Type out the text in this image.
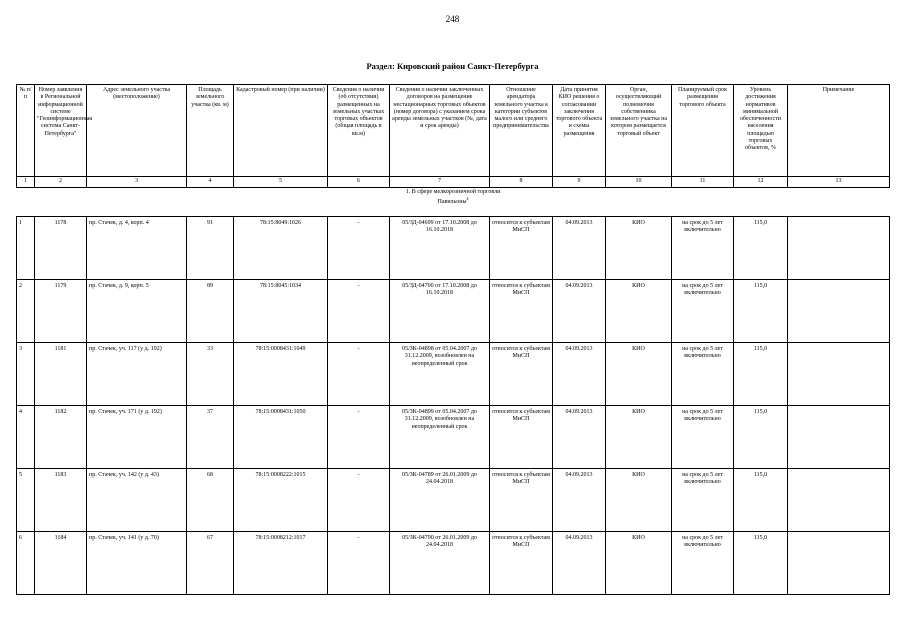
248
Раздел: Кировский район Санкт-Петербурга
№ п/п	Номер заявления в Региональной информационной системе "Геоинформационная система Санкт-Петербурга"	Адрес земельного участка (местоположение)	Площадь земельного участка (кв. м)	Кадастровый номер (при наличии)	Сведения о наличии (об отсутствии) размещенных на земельных участках торговых объектов (общая площадь в кв.м)	Сведения о наличии заключенных договоров на размещение нестационарных торговых объектов (номер договора) с указанием срока аренды земельных участков (№, дата и срок аренды)	Отношение арендатора земельного участка к категории субъектов малого или среднего предпринимательства	Дата принятия КИО решения о согласовании заключения торгового объекта и схемы размещения	Орган, осуществляющий полномочия собственника земельного участка на котором размещается торговый объект	Планируемый срок размещения торгового объекта	Уровень достижения нормативов минимальной обеспеченности населения площадью торговых объектов, %	Примечание
1	2	3	4	5	6	7	8	9	10	11	12	13

1. В сфере мелкорозничной торговли
Павильоны$^4$

1	1178	пр. Стачек, д. 4, корп. 4	91	78:15:8049:1026	-	05/ЗД-04699 от 17.10.2008 до 16.10.2018	относится к субъектам МиСП	04.09.2013	КИО	на срок до 5 лет включительно	115,0	
2	1179	пр. Стачек, д. 9, корп. 5	89	78:15:8045:1034	-	05/ЗД-04700 от 17.10.2008 до 16.10.2018	относится к субъектам МиСП	04.09.2013	КИО	на срок до 5 лет включительно	115,0	
3	1181	пр. Стачек, уч. 117 (у д. 192)	33	78:15:0008431:1049	-	05/ЗК-04898 от 05.04.2007 до 31.12.2009, возобновлен на неопределенный срок	относится к субъектам МиСП	04.09.2013	КИО	на срок до 5 лет включительно	115,0	
4	1182	пр. Стачек, уч. 171 (у д. 192)	37	78:15:0008431:1050	-	05/ЗК-04899 от 05.04.2007 до 31.12.2009, возобновлен на неопределенный срок	относится к субъектам МиСП	04.09.2013	КИО	на срок до 5 лет включительно	115,0	
5	1183	пр. Стачек, уч. 142 (у д. 43)	68	78:15:0008222:1015	-	05/ЗК-04789 от 26.01.2009 до 24.04.2018	относится к субъектам МиСП	04.09.2013	КИО	на срок до 5 лет включительно	115,0	
6	1184	пр. Стачек, уч. 141 (у д. 70)	67	78:15:0008212:1017	-	05/ЗК-04790 от 26.01.2009 до 24.04.2018	относится к субъектам МиСП	04.09.2013	КИО	на срок до 5 лет включительно	115,0	
